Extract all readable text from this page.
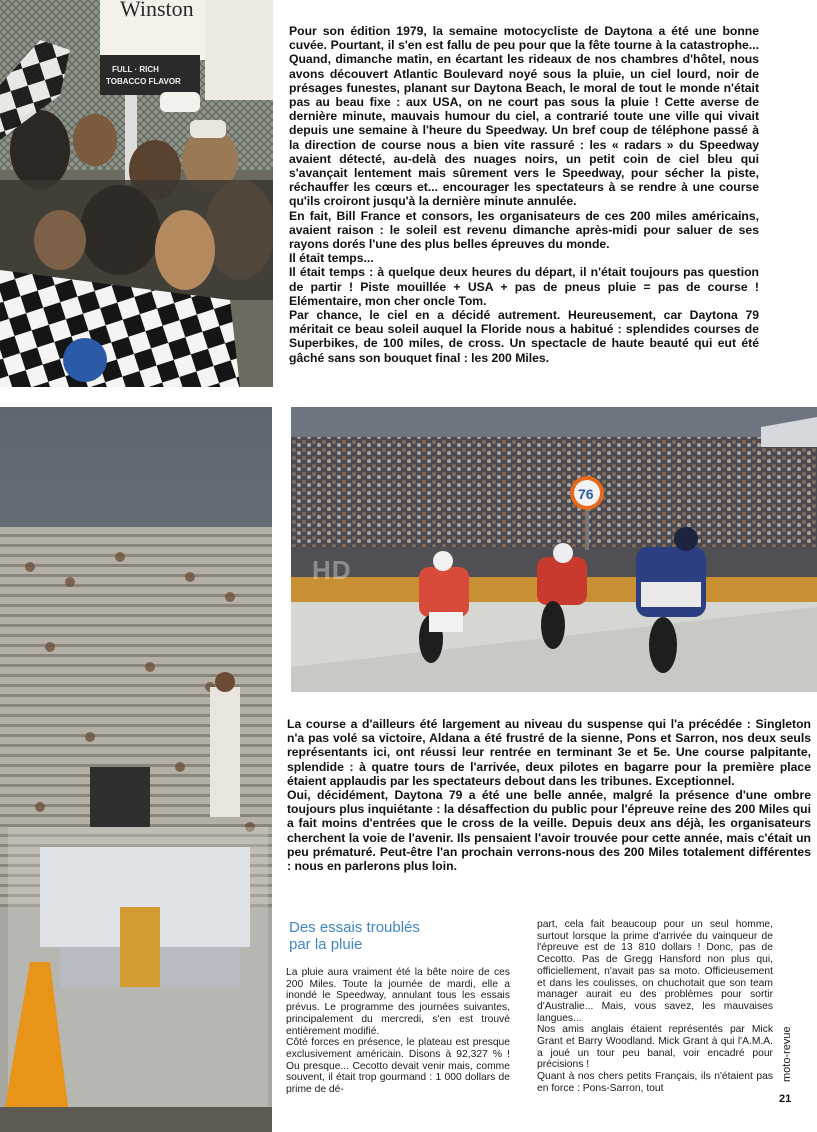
Winston
FULL · RICH
TOBACCO FLAVOR

Pour son édition 1979, la semaine motocycliste de Daytona a été une bonne cuvée. Pourtant, il s'en est fallu de peu pour que la fête tourne à la catastrophe... Quand, dimanche matin, en écartant les rideaux de nos chambres d'hôtel, nous avons découvert Atlantic Boulevard noyé sous la pluie, un ciel lourd, noir de présages funestes, planant sur Daytona Beach, le moral de tout le monde n'était pas au beau fixe : aux USA, on ne court pas sous la pluie ! Cette averse de dernière minute, mauvais humour du ciel, a contrarié toute une ville qui vivait depuis une semaine à l'heure du Speedway. Un bref coup de téléphone passé à la direction de course nous a bien vite rassuré : les « radars » du Speedway avaient détecté, au-delà des nuages noirs, un petit coin de ciel bleu qui s'avançait lentement mais sûrement vers le Speedway, pour sécher la piste, réchauffer les cœurs et... encourager les spectateurs à se rendre à une course qu'ils croiront jusqu'à la dernière minute annulée.

En fait, Bill France et consors, les organisateurs de ces 200 miles américains, avaient raison : le soleil est revenu dimanche après-midi pour saluer de ses rayons dorés l'une des plus belles épreuves du monde.

Il était temps...

Il était temps : à quelque deux heures du départ, il n'était toujours pas question de partir ! Piste mouillée + USA + pas de pneus pluie = pas de course ! Elémentaire, mon cher oncle Tom.

Par chance, le ciel en a décidé autrement. Heureusement, car Daytona 79 méritait ce beau soleil auquel la Floride nous a habitué : splendides courses de Superbikes, de 100 miles, de cross. Un spectacle de haute beauté qui eut été gâché sans son bouquet final : les 200 Miles.

76
HD

La course a d'ailleurs été largement au niveau du suspense qui l'a précédée : Singleton n'a pas volé sa victoire, Aldana a été frustré de la sienne, Pons et Sarron, nos deux seuls représentants ici, ont réussi leur rentrée en terminant 3e et 5e. Une course palpitante, splendide : à quatre tours de l'arrivée, deux pilotes en bagarre pour la première place étaient applaudis par les spectateurs debout dans les tribunes. Exceptionnel.

Oui, décidément, Daytona 79 a été une belle année, malgré la présence d'une ombre toujours plus inquiétante : la désaffection du public pour l'épreuve reine des 200 Miles qui a fait moins d'entrées que le cross de la veille. Depuis deux ans déjà, les organisateurs cherchent la voie de l'avenir. Ils pensaient l'avoir trouvée pour cette année, mais c'était un peu prématuré. Peut-être l'an prochain verrons-nous des 200 Miles totalement différentes : nous en parlerons plus loin.

Des essais troublés
par la pluie

La pluie aura vraiment été la bête noire de ces 200 Miles. Toute la journée de mardi, elle a inondé le Speedway, annulant tous les essais prévus. Le programme des journées suivantes, principalement du mercredi, s'en est trouvé entièrement modifié.

Côté forces en présence, le plateau est presque exclusivement américain. Disons à 92,327 % ! Ou presque... Cecotto devait venir mais, comme souvent, il était trop gourmand : 1 000 dollars de prime de dé-

part, cela fait beaucoup pour un seul homme, surtout lorsque la prime d'arrivée du vainqueur de l'épreuve est de 13 810 dollars ! Donc, pas de Cecotto. Pas de Gregg Hansford non plus qui, officiellement, n'avait pas sa moto. Officieusement et dans les coulisses, on chuchotait que son team manager aurait eu des problèmes pour sortir d'Australie... Mais, vous savez, les mauvaises langues...

Nos amis anglais étaient représentés par Mick Grant et Barry Woodland. Mick Grant à qui l'A.M.A. a joué un tour peu banal, voir encadré pour précisions !

Quant à nos chers petits Français, ils n'étaient pas en force : Pons-Sarron, tout

moto-revue
21
